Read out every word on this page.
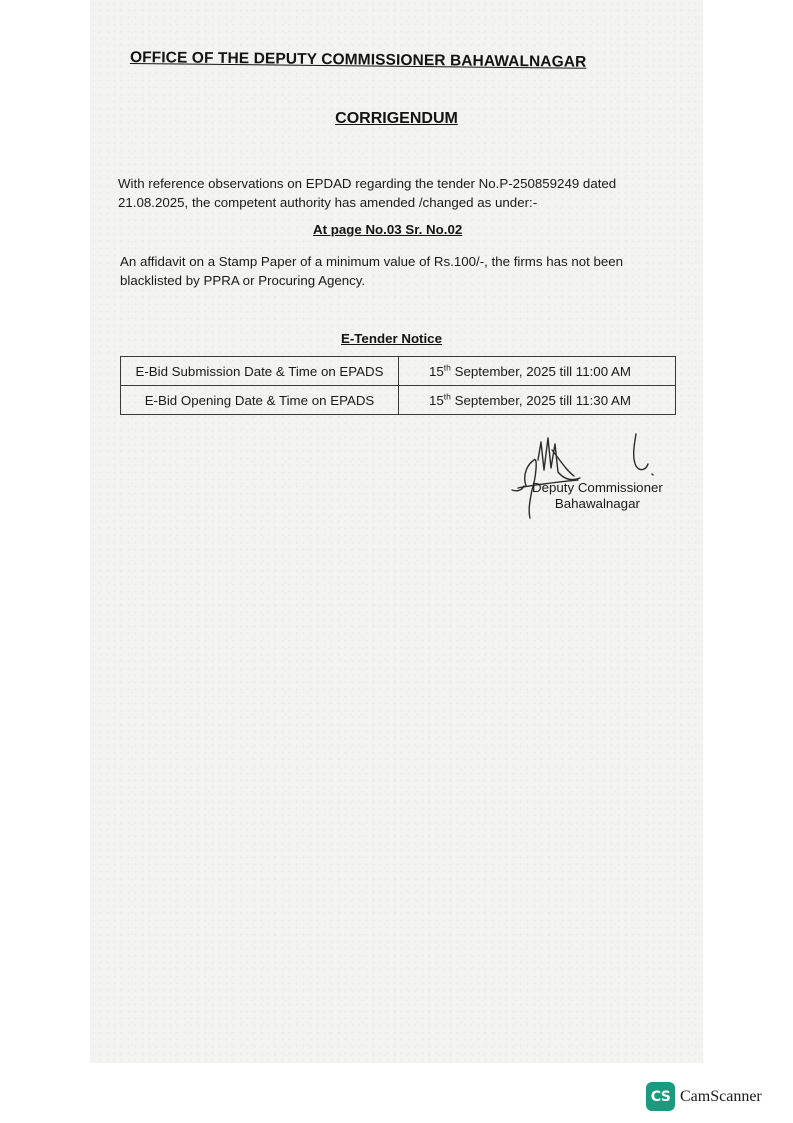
OFFICE OF THE DEPUTY COMMISSIONER BAHAWALNAGAR
CORRIGENDUM

With reference observations on EPDAD regarding the tender No.P-250859249 dated 21.08.2025, the competent authority has amended /changed as under:-

At page No.03 Sr. No.02

An affidavit on a Stamp Paper of a minimum value of Rs.100/-, the firms has not been blacklisted by PPRA or Procuring Agency.

E-Tender Notice
E-Bid Submission Date & Time on EPADS	15th September, 2025 till 11:00 AM
E-Bid Opening Date & Time on EPADS	15th September, 2025 till 11:30 AM

Deputy Commissioner
Bahawalnagar

CS CamScanner
